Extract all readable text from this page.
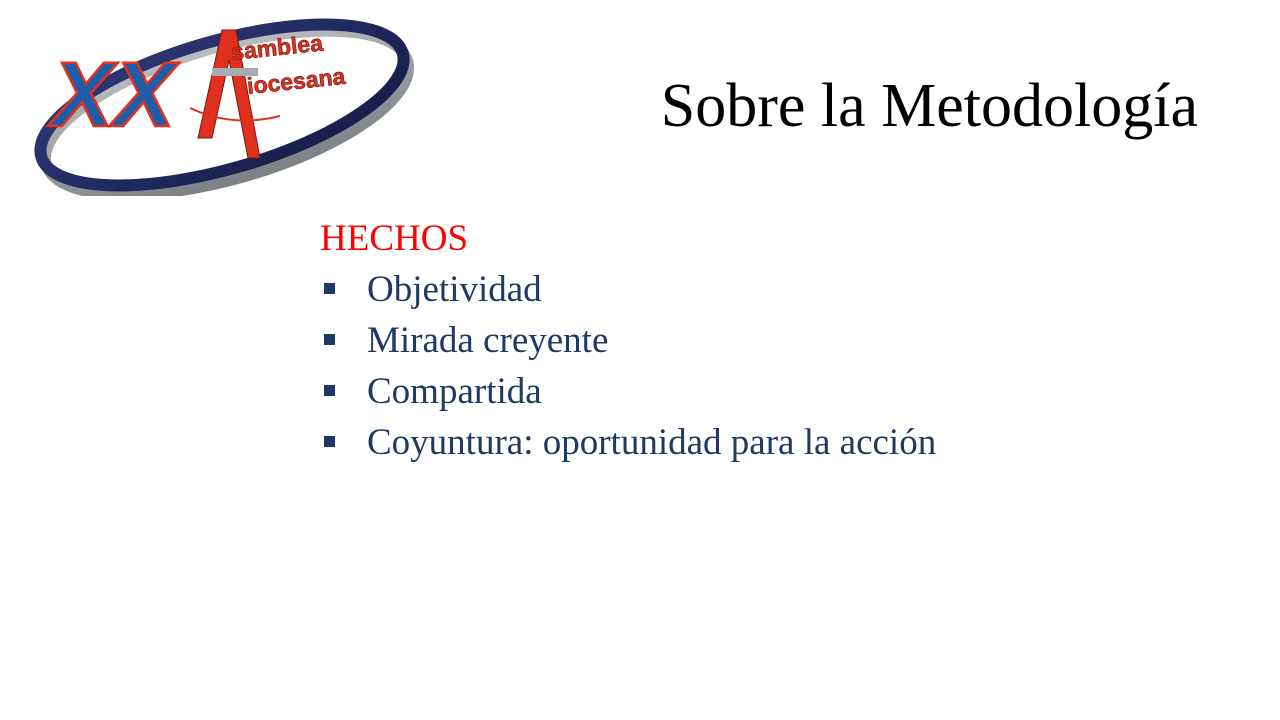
XX samblea
iocesana	Sobre la Metodología
HECHOS
Objetividad
Mirada creyente
Compartida
Coyuntura: oportunidad para la acción
